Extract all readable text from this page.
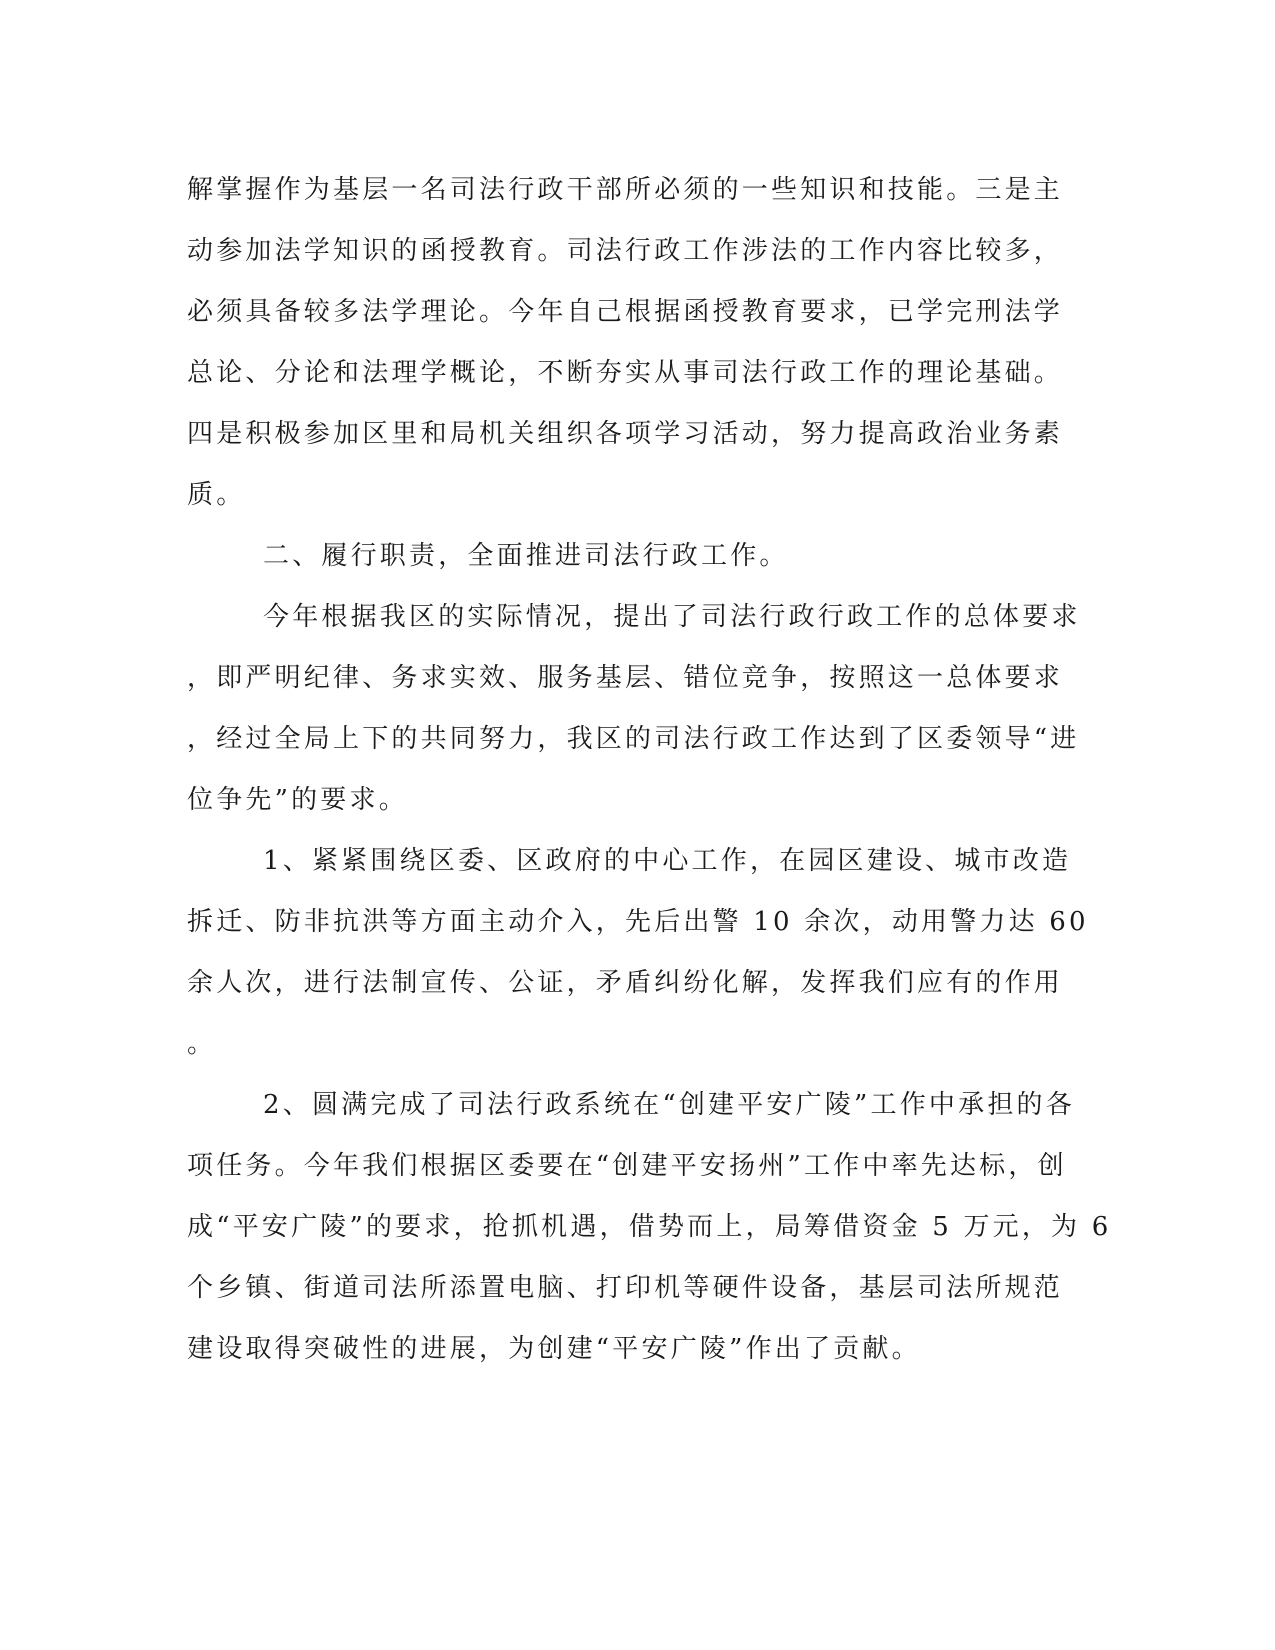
解掌握作为基层一名司法行政干部所必须的一些知识和技能。三是主
动参加法学知识的函授教育。司法行政工作涉法的工作内容比较多，
必须具备较多法学理论。今年自己根据函授教育要求，已学完刑法学
总论、分论和法理学概论，不断夯实从事司法行政工作的理论基础。
四是积极参加区里和局机关组织各项学习活动，努力提高政治业务素
质。
二、履行职责，全面推进司法行政工作。
今年根据我区的实际情况，提出了司法行政行政工作的总体要求
，即严明纪律、务求实效、服务基层、错位竞争，按照这一总体要求
，经过全局上下的共同努力，我区的司法行政工作达到了区委领导“进
位争先”的要求。
1、紧紧围绕区委、区政府的中心工作，在园区建设、城市改造
拆迁、防非抗洪等方面主动介入，先后出警 10 余次，动用警力达 60
余人次，进行法制宣传、公证，矛盾纠纷化解，发挥我们应有的作用
。
2、圆满完成了司法行政系统在“创建平安广陵”工作中承担的各
项任务。今年我们根据区委要在“创建平安扬州”工作中率先达标，创
成“平安广陵”的要求，抢抓机遇，借势而上，局筹借资金 5 万元，为 6
个乡镇、街道司法所添置电脑、打印机等硬件设备，基层司法所规范
建设取得突破性的进展，为创建“平安广陵”作出了贡献。
